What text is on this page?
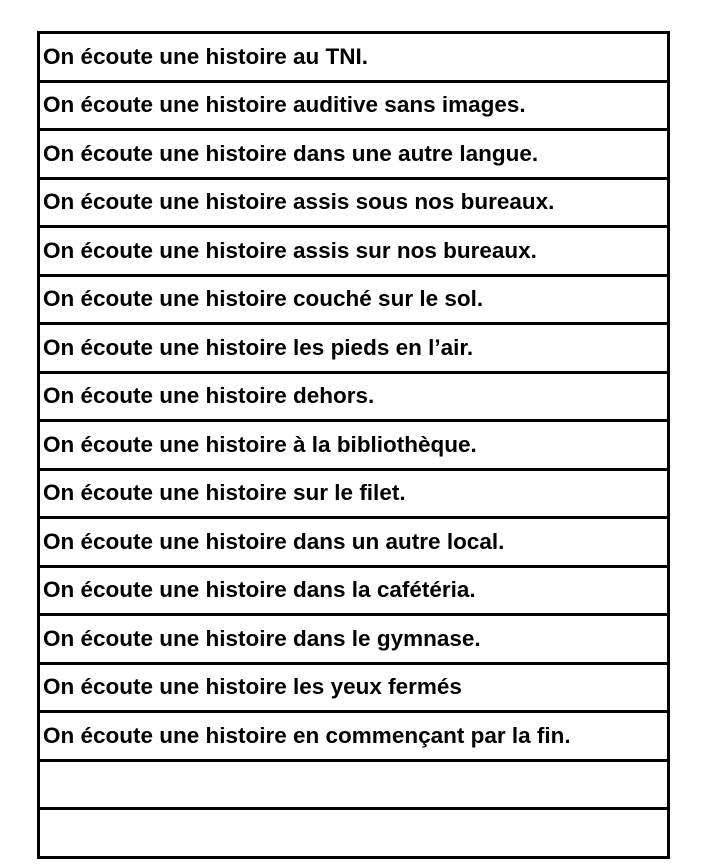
On écoute une histoire au TNI.
On écoute une histoire auditive sans images.
On écoute une histoire dans une autre langue.
On écoute une histoire assis sous nos bureaux.
On écoute une histoire assis sur nos bureaux.
On écoute une histoire couché sur le sol.
On écoute une histoire les pieds en l’air.
On écoute une histoire dehors.
On écoute une histoire à la bibliothèque.
On écoute une histoire sur le filet.
On écoute une histoire dans un autre local.
On écoute une histoire dans la cafétéria.
On écoute une histoire dans le gymnase.
On écoute une histoire les yeux fermés
On écoute une histoire en commençant par la fin.
